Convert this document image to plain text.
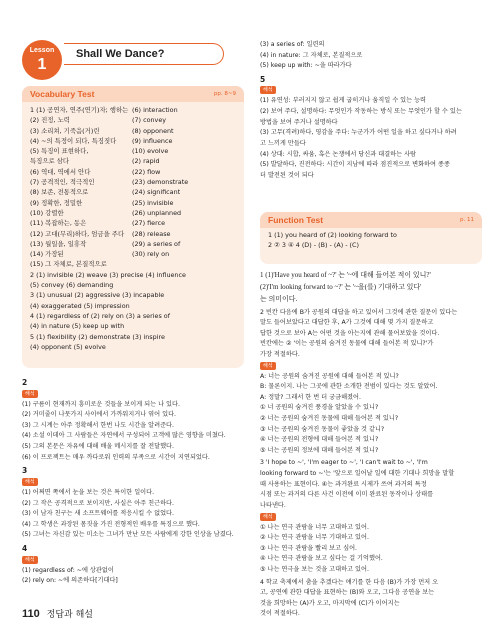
Lesson
1
Shall We Dance?
Vocabulary Test	pp. 8~9
1 (1) 공연자, 연주(연기)자; 행하는 (6) interaction
(2) 진정, 노력	(7) convey
(3) 소리쳐, 기죽음(거)린	(8) opponent
(4) ~의 특정이 되다, 특징짓다	(9) influence
(5) 특징이 표현하다,	(10) evolve
특징으로 삼다	(2) rapid
(6) 역대, 역에서 안다	(22) flow
(7) 공격적인, 적극적인	(23) demonstrate
(8) 보존, 전통적으로	(24) significant
(9) 정확한, 정밀한	(25) invisible
(10) 강렬한	(26) unplanned
(11) 복잡하는, 동은	(27) fierce
(12) 고대(무리)하다, 엄금을 주다	(28) release
(13) 월일을, 일휴작	(29) a series of
(14) 가장된	(30) rely on
(15) 그 자체로, 본질적으로
2 (1) invisible (2) weave (3) precise (4) influence
(5) convey (6) demanding
3 (1) unusual (2) aggressive (3) incapable
(4) exaggerated (5) impression
4 (1) regardless of (2) rely on (3) a series of
(4) in nature (5) keep up with
5 (1) flexibility (2) demonstrate (3) inspire
(4) opponent (5) evolve
2
해석

(1) 구름이 현재까지 흥미로운 것들을 보이게 되는 나 있다.

(2) 거미줄이 나뭇가지 사이에서 가까워지거나 엮어 있다.

(3) 그 시계는 아주 정확해서 한번 나도 시간을 알려준다.

(4) 소설 이데아 그 사람들은 자연에서 구성되어 고객에 많은 영향을 미쳤다.

(5) 그의 본문은 자유에 대해 배울 메시지를 잘 전달했다.

(6) 이 프로젝트는 매우 까다로워 인력의 부족으로 시간이 지연되었다.

3
해석

(1) 어쩌면 쪽에서 눈을 보는 것은 특이한 일이다.

(2) 그 작은 공격적으로 보이지만, 사실은 아주 친근하다.

(3) 이 남자 친구는 새 소프트웨어를 적응시킬 수 없었다.

(4) 그 학생은 과장된 몸짓을 가진 전형적인 배우를 특징으로 했다.

(5) 그녀는 자신감 있는 미소는 그녀가 만난 모든 사람에게 강한 인상을 남겼다.

4
해석

(1) regardless of: ~에 상관없이

(2) rely on: ~에 의존하다[기대다]

(3) a series of: 일련의

(4) in nature: 그 자체로, 본질적으로

(5) keep up with: ~을 따라가다

5
해석

(1) 유연성: 부러지지 않고 쉽게 굽히거나 움직일 수 있는 능력

(2) 보여 주다, 설명하다: 무엇인가 작동하는 방식 또는 무엇인가 할 수 있는

방법을 보여 주거나 설명하다

(3) 고무(격려)하다, 영감을 주다: 누군가가 어떤 일을 하고 싶다거나 하려

고 느끼게 만들다

(4) 상대: 시합, 싸움, 혹은 논쟁에서 당신과 대결하는 사람

(5) 발달하다, 진전하다: 시간이 지남에 따라 점진적으로 변화하여 종종

더 발전된 것이 되다

Function Test	p. 11

1 (1) you heard of (2) looking forward to

2 ② 3 ④ 4 (D) - (B) - (A) - (C)

1 (1)'Have you heard of ~?' 는 '~에 대해 들어본 적이 있니?'

(2)'I'm looking forward to ~?' 는 '~을(를) 기대하고 있다'

는 의미이다.

2 빈칸 다음에 B가 공원의 대답을 하고 있어서 그것에 관한 질문이 있다는

말도 들어보았다고 대답한 후, A가 그것에 대해 몇 가지 질문하고

답한 것으로 보아 A는 어떤 것을 아는지에 관해 물어보았을 것이다.

빈칸에는 ② '이는 공원의 숨겨진 동물에 대해 들어본 적 있니?'가

가장 적절하다.

해석

A: 너는 공원의 숨겨진 공원에 대해 들어본 적 있니?

B: 물론이지. 나는 그곳에 관한 소개한 전범이 있다는 것도 알았어.

A: 정말? 그래서 한 번 더 궁금해졌어.

① 너 공원의 숨겨진 풍경을 알았을 수 있니?

② 너는 공원의 숨겨진 동물에 대해 들어본 적 있니?

③ 너는 공원의 숨겨진 동물이 좋았을 것 같니?

④ 너는 공원의 전형에 대해 들어본 적 있니?

⑤ 너는 공원의 정보에 대해 들어본 적 있니?

3 'I hope to ~', 'I'm eager to ~', 'I can't wait to ~', 'I'm

looking forward to ~'는 '앞으로 일어날 일에 대한 기대나 희망을 말할

때 사용하는 표현이다. ④는 과거완료 시제가 쓰여 과거의 특정

시점 또는 과거의 다른 사건 이전에 이미 완료된 동작이나 상태를

나타낸다.

해석

① 나는 연극 관람을 너무 고대하고 있어.

② 나는 연극 관람을 너무 기대하고 있어.

③ 나는 연극 관람을 빨리 보고 싶어.

④ 나는 연극 관람을 보고 싶다는 걸 기억했어.

⑤ 나는 연극을 보는 것을 고대하고 있어.

4 학교 축제에서 춤을 추겠다는 얘기를 한 다음 (B)가 가장 먼저 오

고, 공연에 관한 대답을 표현하는 (B)와 오고, 그다음 공연을 보는

것을 희망하는 (A)가 오고, 마지막에 (C)가 이어지는

것이 적절하다.

110 정답과 해설
